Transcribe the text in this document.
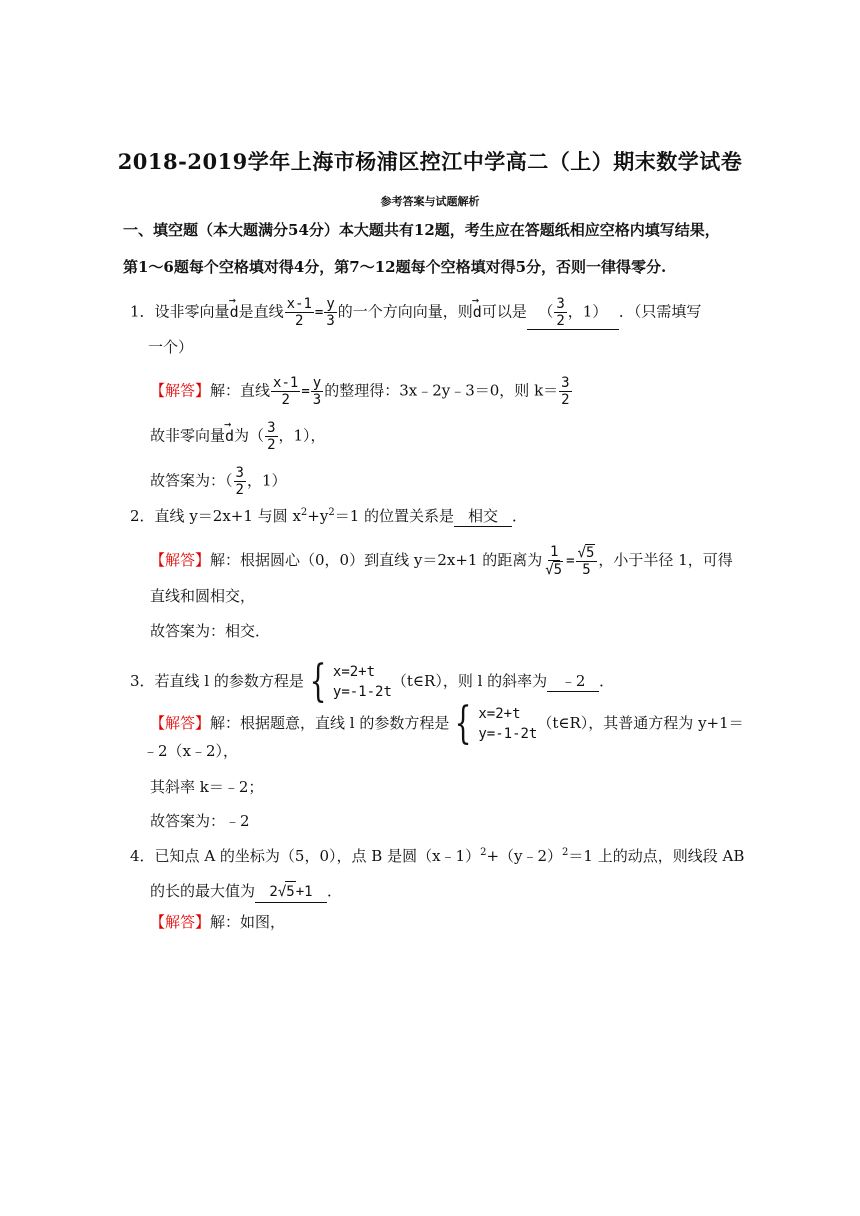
2018-2019学年上海市杨浦区控江中学高二（上）期末数学试卷
参考答案与试题解析
一、填空题（本大题满分54分）本大题共有12题，考生应在答题纸相应空格内填写结果，
第1～6题每个空格填对得4分，第7～12题每个空格填对得5分，否则一律得零分.
1．设非零向量→ d是直线 $\frac{x-1}{2} = \frac{y}{3}$ 的一个方向向量，则→ d可以是 （ $\frac{3}{2}$ ，1） ．（只需填写
一个）
【解答】解：直线 $\frac{x-1}{2} = \frac{y}{3}$ 的整理得：3x﹣2y﹣3＝0，则 $k= \frac{3}{2}$
故非零向量→ d为（ $\frac{3}{2}$ ，1），
故答案为：（ $\frac{3}{2}$ ，1）
2．直线 y＝2x+1 与圆 $x^2+y^2=1$ 的位置关系是 相交 ．
【解答】解：根据圆心（0，0）到直线 y＝2x+1 的距离为 $\frac{1}{√ 5} = \frac{√ 5}{5}$ ，小于半径 1，可得
直线和圆相交，
故答案为：相交．
3．若直线 l 的参数方程是 { x=2+t
y=-1-2t
（t∈R），则 l 的斜率为 ﹣2 ．
【解答】解：根据题意，直线 l 的参数方程是 { x=2+t
y=-1-2t
（t∈R），其普通方程为 y+1＝
﹣2（x﹣2），
其斜率 k＝﹣2；
故答案为：﹣2
4．已知点 A 的坐标为（5，0），点 B 是圆（x﹣1）$^2$+（y﹣2）$^2$＝1 上的动点，则线段 AB
的长的最大值为 2√ 5 +1 ．
【解答】解：如图，
